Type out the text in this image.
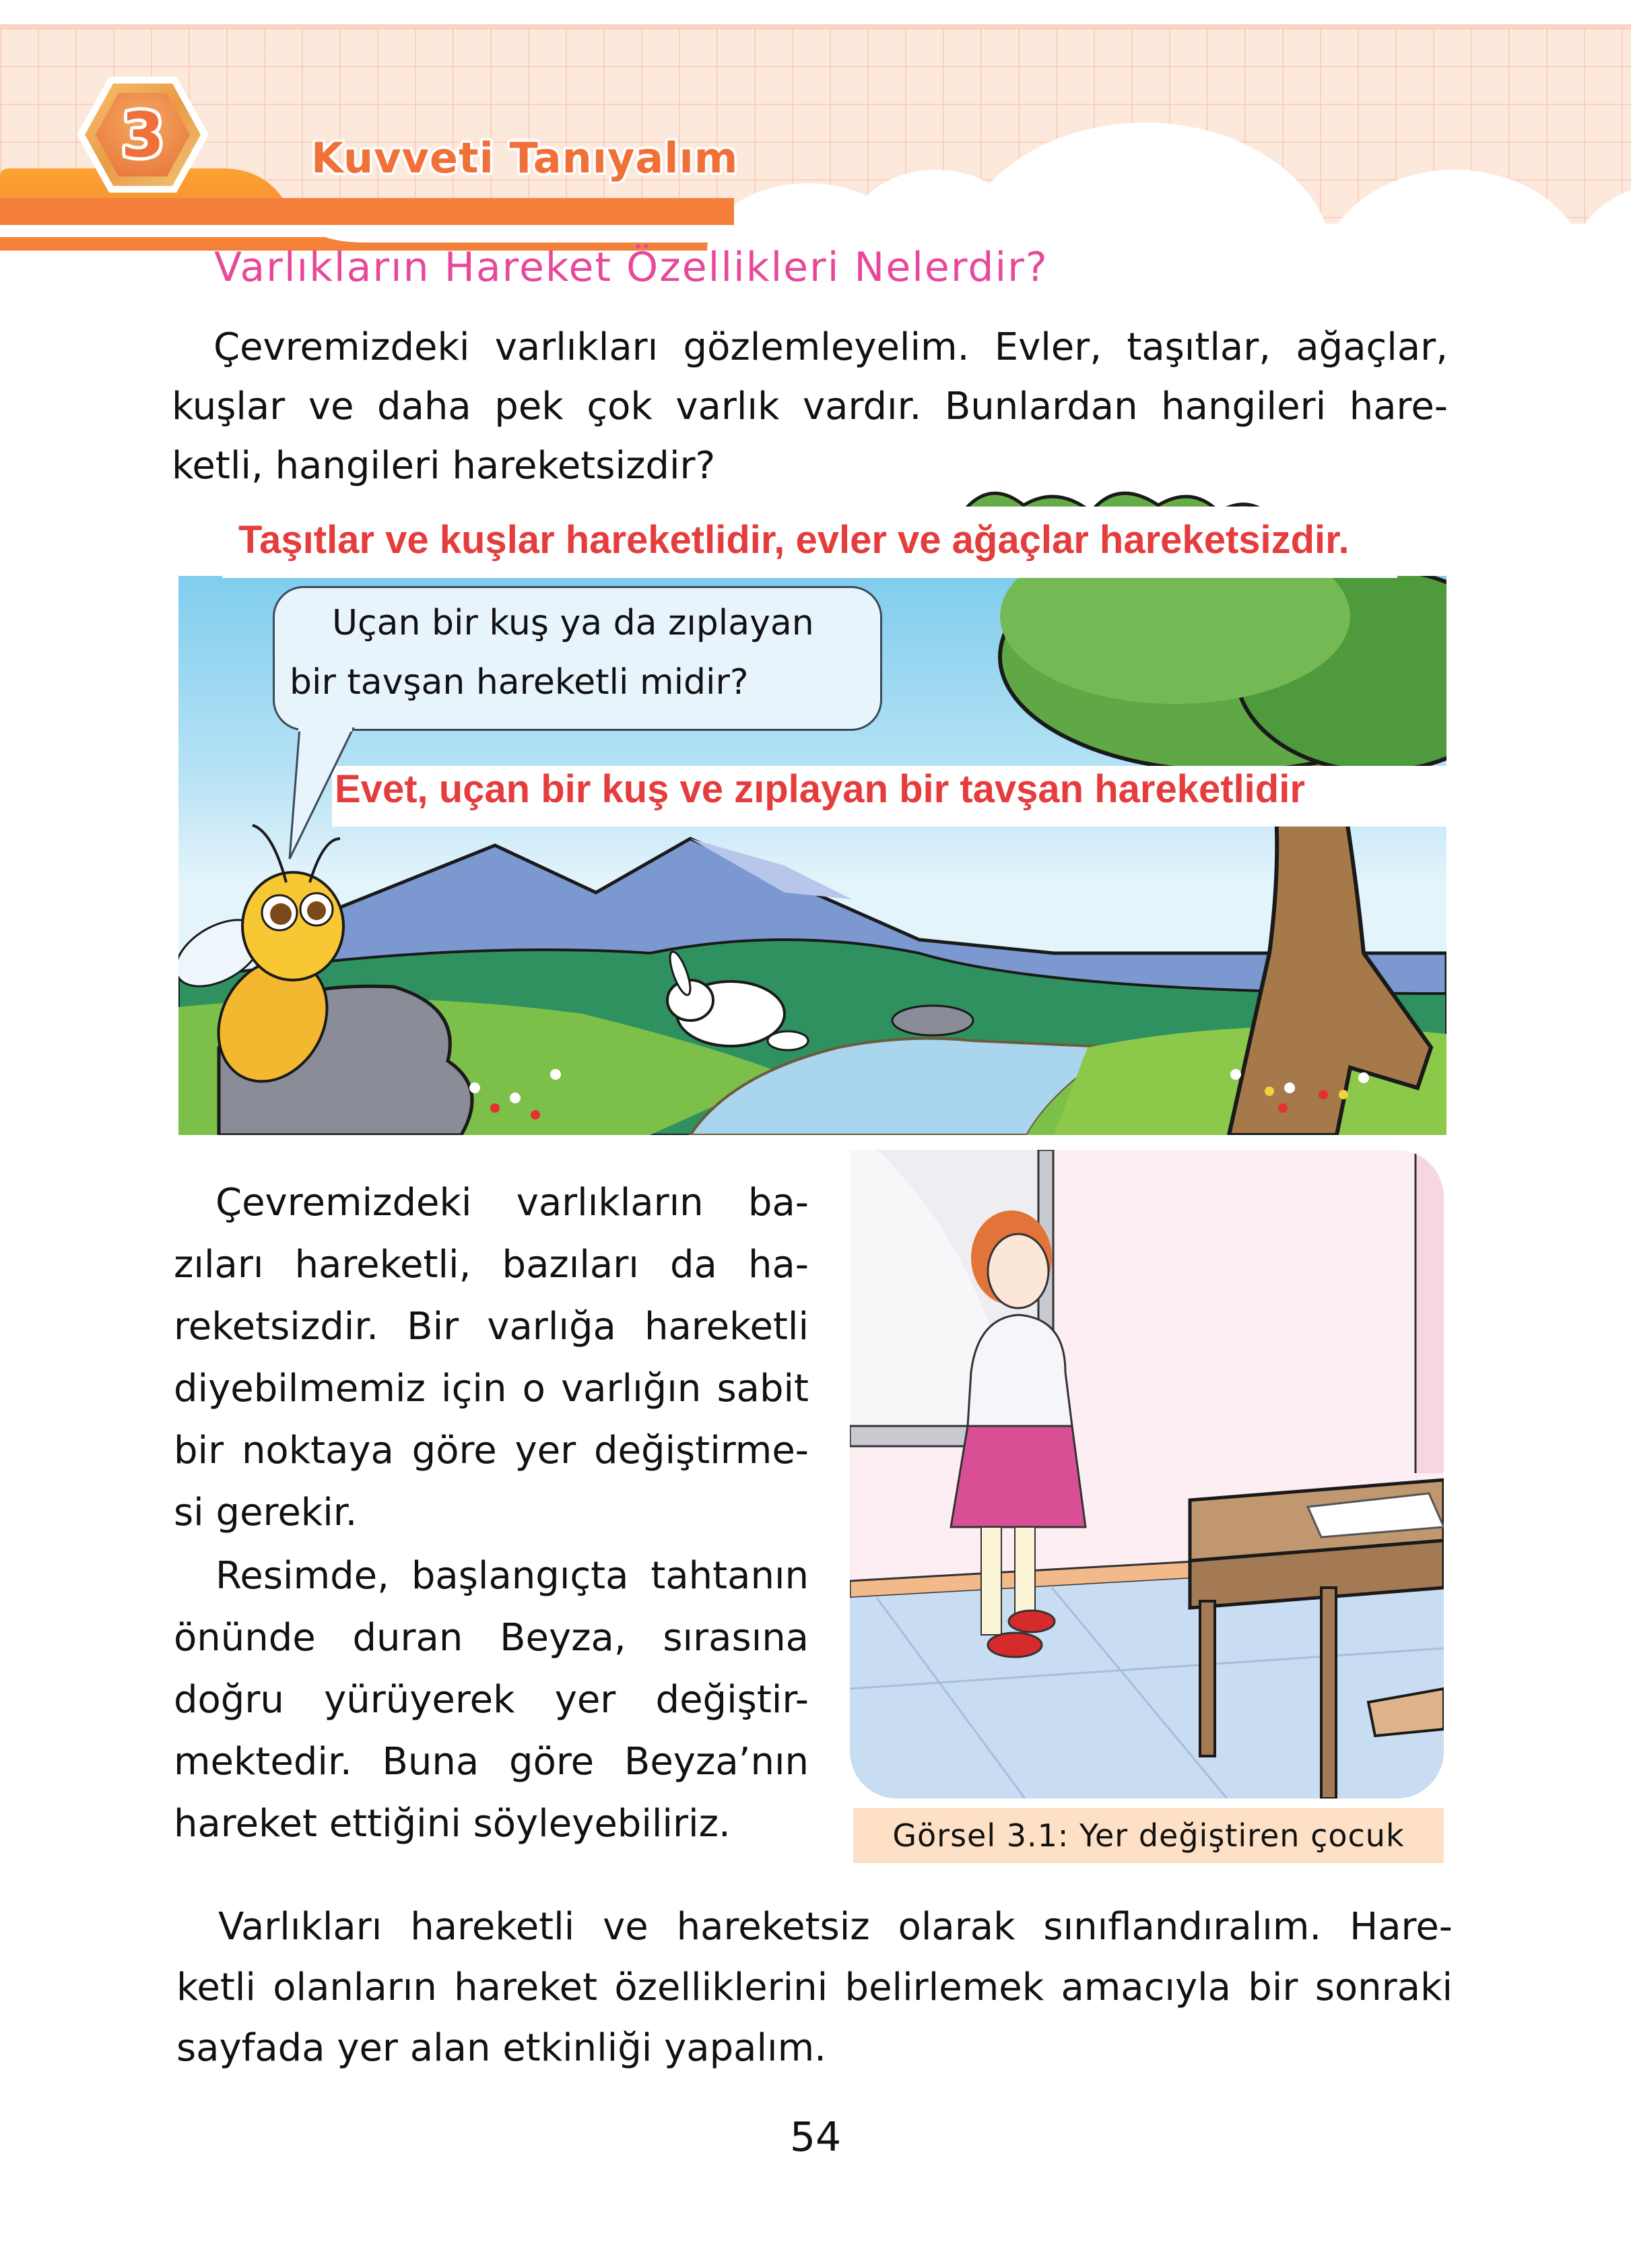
3	Kuvveti Tanıyalım
Varlıkların Hareket Özellikleri Nelerdir?
Çevremizdeki varlıkları gözlemleyelim. Evler, taşıtlar, ağaçlar,
kuşlar ve daha pek çok varlık vardır. Bunlardan hangileri hare-
ketli, hangileri hareketsizdir?
Taşıtlar ve kuşlar hareketlidir, evler ve ağaçlar hareketsizdir.
Uçan bir kuş ya da zıplayan
bir tavşan hareketli midir?
Evet, uçan bir kuş ve zıplayan bir tavşan hareketlidir
Çevremizdeki varlıkların ba-
zıları hareketli, bazıları da ha-
reketsizdir. Bir varlığa hareketli
diyebilmemiz için o varlığın sabit
bir noktaya göre yer değiştirme-
si gerekir.
Resimde, başlangıçta tahtanın
önünde duran Beyza, sırasına
doğru yürüyerek yer değiştir-
mektedir. Buna göre Beyza’nın
hareket ettiğini söyleyebiliriz.	Görsel 3.1: Yer değiştiren çocuk
Varlıkları hareketli ve hareketsiz olarak sınıflandıralım. Hare-
ketli olanların hareket özelliklerini belirlemek amacıyla bir sonraki
sayfada yer alan etkinliği yapalım.
54
